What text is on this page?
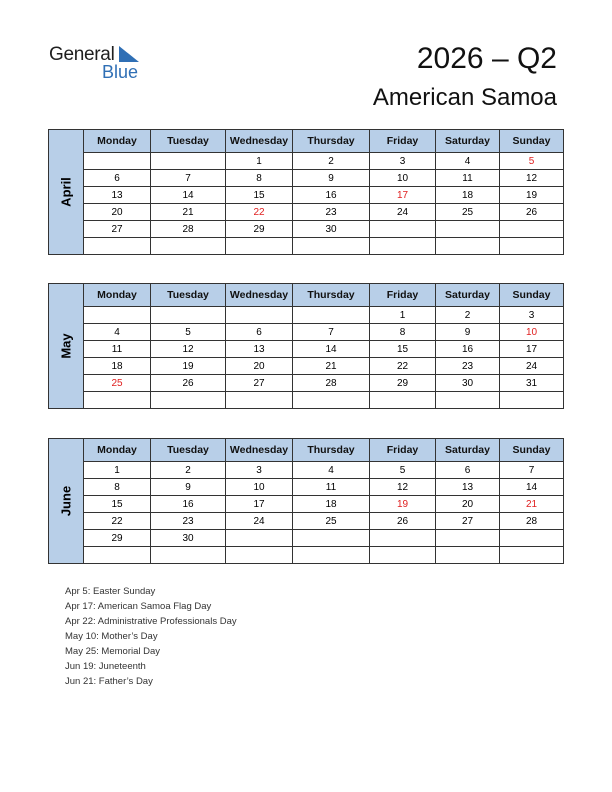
General
Blue	2026 – Q2
American Samoa
April	Monday	Tuesday	Wednesday	Thursday	Friday	Saturday	Sunday
			1	2	3	4	5
	6	7	8	9	10	11	12
	13	14	15	16	17	18	19
	20	21	22	23	24	25	26
	27	28	29	30			

May	Monday	Tuesday	Wednesday	Thursday	Friday	Saturday	Sunday
					1	2	3
	4	5	6	7	8	9	10
	11	12	13	14	15	16	17
	18	19	20	21	22	23	24
	25	26	27	28	29	30	31

June	Monday	Tuesday	Wednesday	Thursday	Friday	Saturday	Sunday
	1	2	3	4	5	6	7
	8	9	10	11	12	13	14
	15	16	17	18	19	20	21
	22	23	24	25	26	27	28
	29	30					

Apr 5: Easter Sunday
Apr 17: American Samoa Flag Day
Apr 22: Administrative Professionals Day
May 10: Mother’s Day
May 25: Memorial Day
Jun 19: Juneteenth
Jun 21: Father’s Day
